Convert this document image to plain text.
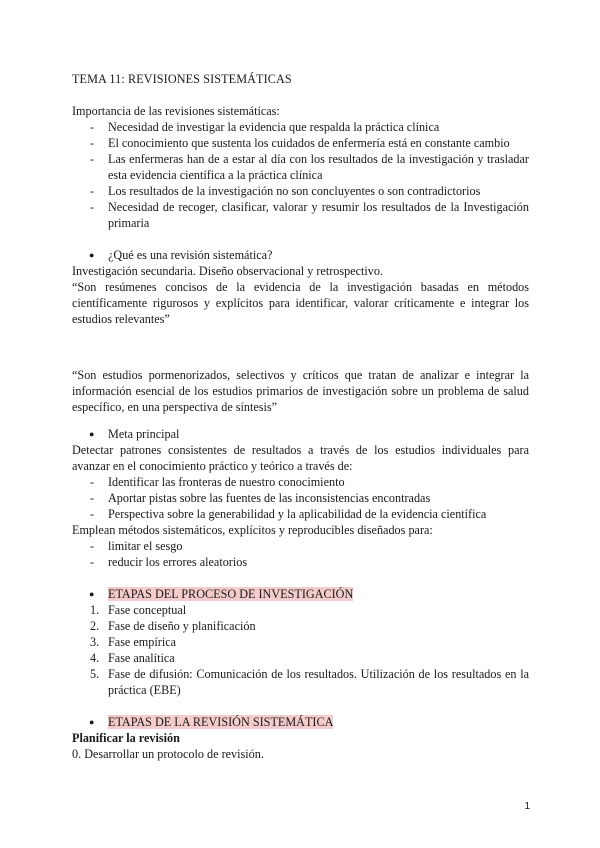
TEMA 11: REVISIONES SISTEMÁTICAS

Importancia de las revisiones sistemáticas:

- Necesidad de investigar la evidencia que respalda la práctica clínica
- El conocimiento que sustenta los cuidados de enfermería está en constante cambio
- Las enfermeras han de a estar al día con los resultados de la investigación y trasladar esta evidencia científica a la práctica clínica
- Los resultados de la investigación no son concluyentes o son contradictorios
- Necesidad de recoger, clasificar, valorar y resumir los resultados de la Investigación primaria

● ¿Qué es una revisión sistemática?

Investigación secundaria. Diseño observacional y retrospectivo.

“Son resúmenes concisos de la evidencia de la investigación basadas en métodos científicamente rigurosos y explícitos para identificar, valorar críticamente e integrar los estudios relevantes”

“Son estudios pormenorizados, selectivos y críticos que tratan de analizar e integrar la información esencial de los estudios primarios de investigación sobre un problema de salud específico, en una perspectiva de síntesis”

● Meta principal

Detectar patrones consistentes de resultados a través de los estudios individuales para avanzar en el conocimiento práctico y teórico a través de:

- Identificar las fronteras de nuestro conocimiento
- Aportar pistas sobre las fuentes de las inconsistencias encontradas
- Perspectiva sobre la generabilidad y la aplicabilidad de la evidencia científica

Emplean métodos sistemáticos, explícitos y reproducibles diseñados para:

- limitar el sesgo
- reducir los errores aleatorios

● ETAPAS DEL PROCESO DE INVESTIGACIÓN

1. Fase conceptual
2. Fase de diseño y planificación
3. Fase empírica
4. Fase analítica
5. Fase de difusión: Comunicación de los resultados. Utilización de los resultados en la práctica (EBE)

● ETAPAS DE LA REVISIÓN SISTEMÁTICA

Planificar la revisión

0. Desarrollar un protocolo de revisión.

1
